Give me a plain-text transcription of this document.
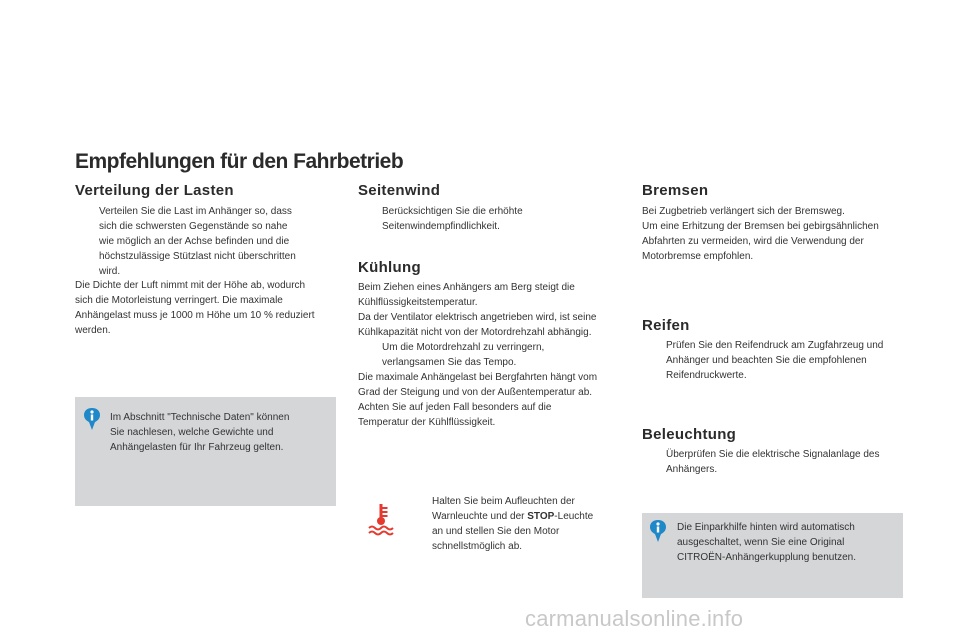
Empfehlungen für den Fahrbetrieb
Verteilung der Lasten
Verteilen Sie die Last im Anhänger so, dass
sich die schwersten Gegenstände so nahe
wie möglich an der Achse befinden und die
höchstzulässige Stützlast nicht überschritten
wird.
Die Dichte der Luft nimmt mit der Höhe ab, wodurch
sich die Motorleistung verringert. Die maximale
Anhängelast muss je 1000 m Höhe um 10 % reduziert
werden.
Im Abschnitt "Technische Daten" können
Sie nachlesen, welche Gewichte und
Anhängelasten für Ihr Fahrzeug gelten.
Seitenwind
Berücksichtigen Sie die erhöhte
Seitenwindempfindlichkeit.
Kühlung
Beim Ziehen eines Anhängers am Berg steigt die
Kühlflüssigkeitstemperatur.
Da der Ventilator elektrisch angetrieben wird, ist seine
Kühlkapazität nicht von der Motordrehzahl abhängig.
Um die Motordrehzahl zu verringern,
verlangsamen Sie das Tempo.
Die maximale Anhängelast bei Bergfahrten hängt vom
Grad der Steigung und von der Außentemperatur ab.
Achten Sie auf jeden Fall besonders auf die
Temperatur der Kühlflüssigkeit.
Halten Sie beim Aufleuchten der
Warnleuchte und der STOP-Leuchte
an und stellen Sie den Motor
schnellstmöglich ab.
Bremsen
Bei Zugbetrieb verlängert sich der Bremsweg.
Um eine Erhitzung der Bremsen bei gebirgsähnlichen
Abfahrten zu vermeiden, wird die Verwendung der
Motorbremse empfohlen.
Reifen
Prüfen Sie den Reifendruck am Zugfahrzeug und
Anhänger und beachten Sie die empfohlenen
Reifendruckwerte.
Beleuchtung
Überprüfen Sie die elektrische Signalanlage des
Anhängers.
Die Einparkhilfe hinten wird automatisch
ausgeschaltet, wenn Sie eine Original
CITROËN-Anhängerkupplung benutzen.
carmanualsonline.info
